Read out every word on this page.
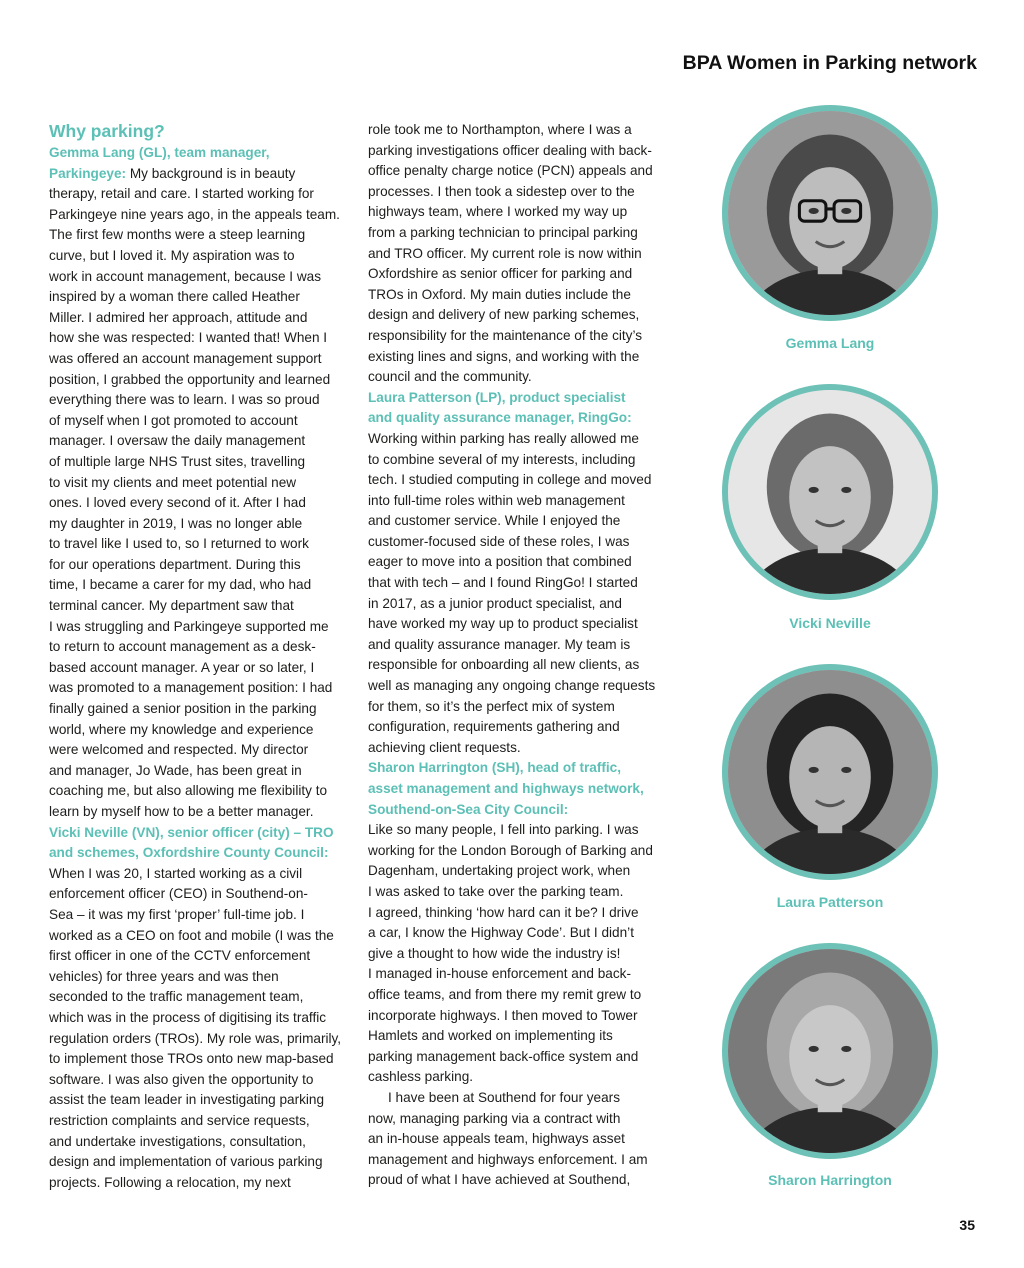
BPA Women in Parking network
Why parking?
Gemma Lang (GL), team manager,
Parkingeye: My background is in beauty
therapy, retail and care. I started working for
Parkingeye nine years ago, in the appeals team.
The first few months were a steep learning
curve, but I loved it. My aspiration was to
work in account management, because I was
inspired by a woman there called Heather
Miller. I admired her approach, attitude and
how she was respected: I wanted that! When I
was offered an account management support
position, I grabbed the opportunity and learned
everything there was to learn. I was so proud
of myself when I got promoted to account
manager. I oversaw the daily management
of multiple large NHS Trust sites, travelling
to visit my clients and meet potential new
ones. I loved every second of it. After I had
my daughter in 2019, I was no longer able
to travel like I used to, so I returned to work
for our operations department. During this
time, I became a carer for my dad, who had
terminal cancer. My department saw that
I was struggling and Parkingeye supported me
to return to account management as a desk-
based account manager. A year or so later, I
was promoted to a management position: I had
finally gained a senior position in the parking
world, where my knowledge and experience
were welcomed and respected. My director
and manager, Jo Wade, has been great in
coaching me, but also allowing me flexibility to
learn by myself how to be a better manager.
Vicki Neville (VN), senior officer (city) – TRO
and schemes, Oxfordshire County Council:
When I was 20, I started working as a civil
enforcement officer (CEO) in Southend-on-
Sea – it was my first ‘proper’ full-time job. I
worked as a CEO on foot and mobile (I was the
first officer in one of the CCTV enforcement
vehicles) for three years and was then
seconded to the traffic management team,
which was in the process of digitising its traffic
regulation orders (TROs). My role was, primarily,
to implement those TROs onto new map-based
software. I was also given the opportunity to
assist the team leader in investigating parking
restriction complaints and service requests,
and undertake investigations, consultation,
design and implementation of various parking
projects. Following a relocation, my next
role took me to Northampton, where I was a
parking investigations officer dealing with back-
office penalty charge notice (PCN) appeals and
processes. I then took a sidestep over to the
highways team, where I worked my way up
from a parking technician to principal parking
and TRO officer. My current role is now within
Oxfordshire as senior officer for parking and
TROs in Oxford. My main duties include the
design and delivery of new parking schemes,
responsibility for the maintenance of the city’s
existing lines and signs, and working with the
council and the community.
Laura Patterson (LP), product specialist
and quality assurance manager, RingGo:
Working within parking has really allowed me
to combine several of my interests, including
tech. I studied computing in college and moved
into full-time roles within web management
and customer service. While I enjoyed the
customer-focused side of these roles, I was
eager to move into a position that combined
that with tech – and I found RingGo! I started
in 2017, as a junior product specialist, and
have worked my way up to product specialist
and quality assurance manager. My team is
responsible for onboarding all new clients, as
well as managing any ongoing change requests
for them, so it’s the perfect mix of system
configuration, requirements gathering and
achieving client requests.
Sharon Harrington (SH), head of traffic,
asset management and highways network,
Southend-on-Sea City Council:
Like so many people, I fell into parking. I was
working for the London Borough of Barking and
Dagenham, undertaking project work, when
I was asked to take over the parking team.
I agreed, thinking ‘how hard can it be? I drive
a car, I know the Highway Code’. But I didn’t
give a thought to how wide the industry is!
I managed in-house enforcement and back-
office teams, and from there my remit grew to
incorporate highways. I then moved to Tower
Hamlets and worked on implementing its
parking management back-office system and
cashless parking.
I have been at Southend for four years
now, managing parking via a contract with
an in-house appeals team, highways asset
management and highways enforcement. I am
proud of what I have achieved at Southend,
Gemma Lang
Vicki Neville
Laura Patterson
Sharon Harrington
35
